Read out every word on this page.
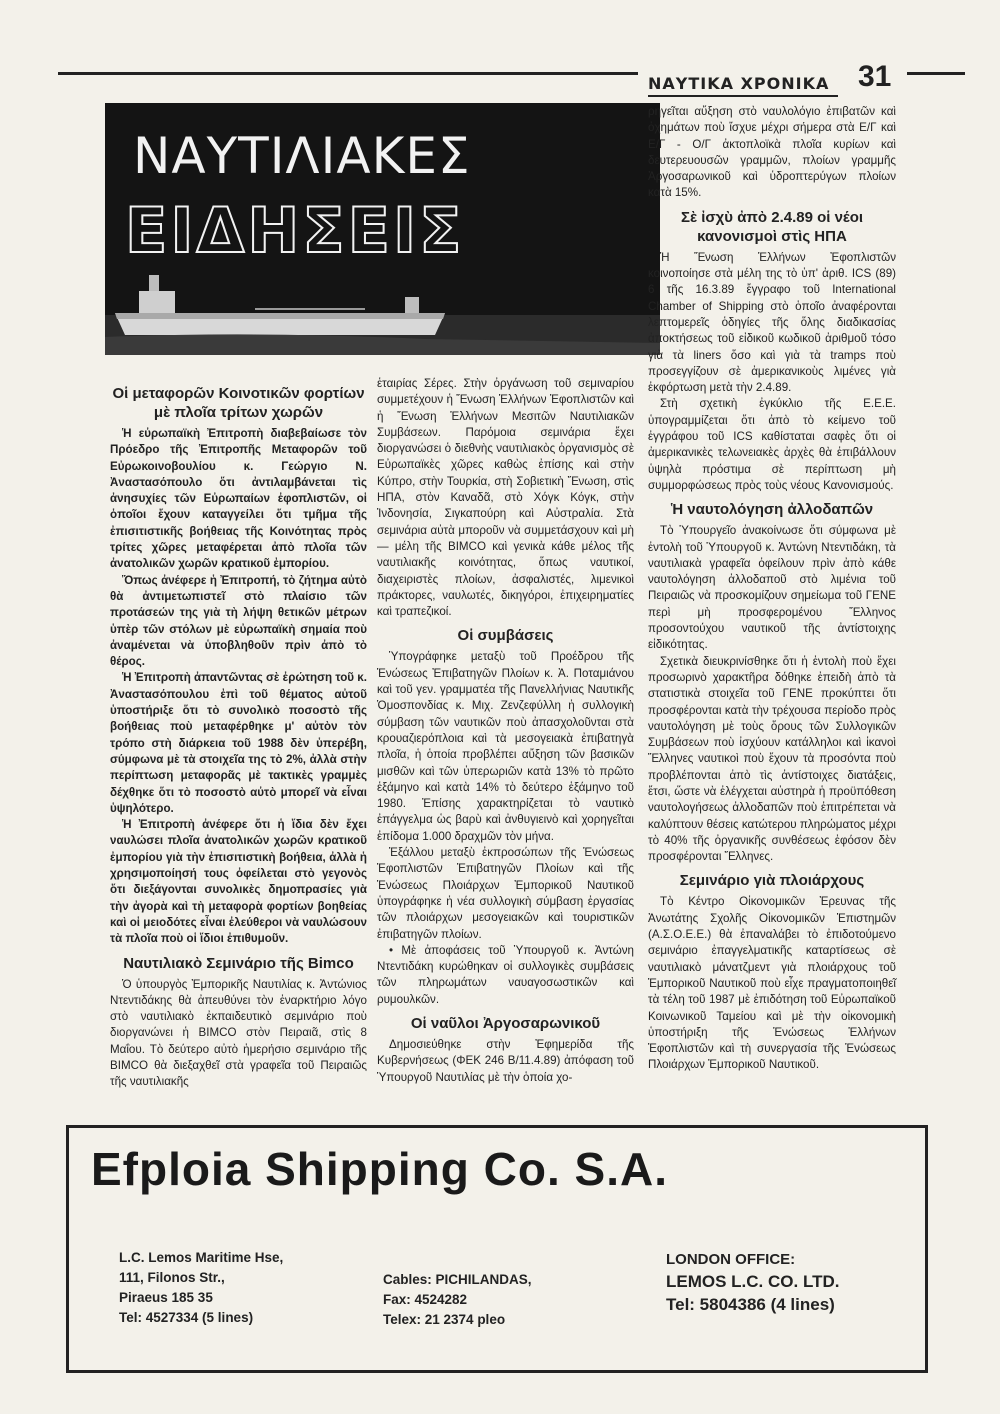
ΝΑΥΤΙΚΑ ΧΡΟΝΙΚΑ 31
ΝΑΥΤΙΛΙΑΚΕΣ
ΕΙΔΗΣΕΙΣ
Οἱ μεταφορῶν Κοινοτικῶν φορτίων μὲ πλοῖα τρίτων χωρῶν

Ἡ εὐρωπαϊκὴ Ἐπιτροπὴ διαβεβαίωσε τὸν Πρόεδρο τῆς Ἐπιτροπῆς Μεταφορῶν τοῦ Εὐρωκοινοβουλίου κ. Γεώργιο Ν. Ἀναστασόπουλο ὅτι ἀντιλαμβάνεται τὶς ἀνησυχίες τῶν Εὐρωπαίων ἐφοπλιστῶν, οἱ ὁποῖοι ἔχουν καταγγείλει ὅτι τμῆμα τῆς ἐπισιτιστικῆς βοήθειας τῆς Κοινότητας πρὸς τρίτες χῶρες μεταφέρεται ἀπὸ πλοῖα τῶν ἀνατολικῶν χωρῶν κρατικοῦ ἐμπορίου.

Ὅπως ἀνέφερε ἡ Ἐπιτροπή, τὸ ζήτημα αὐτὸ θὰ ἀντιμετωπιστεῖ στὸ πλαίσιο τῶν προτάσεών της γιὰ τὴ λήψη θετικῶν μέτρων ὑπὲρ τῶν στόλων μὲ εὐρωπαϊκὴ σημαία ποὺ ἀναμένεται νὰ ὑποβληθοῦν πρὶν ἀπὸ τὸ θέρος.

Ἡ Ἐπιτροπὴ ἀπαντῶντας σὲ ἐρώτηση τοῦ κ. Ἀναστασόπουλου ἐπὶ τοῦ θέματος αὐτοῦ ὑποστήριξε ὅτι τὸ συνολικὸ ποσοστὸ τῆς βοήθειας ποὺ μεταφέρθηκε μ' αὐτὸν τὸν τρόπο στὴ διάρκεια τοῦ 1988 δὲν ὑπερέβη, σύμφωνα μὲ τὰ στοιχεῖα της τὸ 2%, ἀλλὰ στὴν περίπτωση μεταφορᾶς μὲ τακτικὲς γραμμὲς δέχθηκε ὅτι τὸ ποσοστὸ αὐτὸ μπορεῖ νὰ εἶναι ὑψηλότερο.

Ἡ Ἐπιτροπὴ ἀνέφερε ὅτι ἡ ἴδια δὲν ἔχει ναυλώσει πλοῖα ἀνατολικῶν χωρῶν κρατικοῦ ἐμπορίου γιὰ τὴν ἐπισιτιστικὴ βοήθεια, ἀλλὰ ἡ χρησιμοποίησή τους ὀφείλεται στὸ γεγονὸς ὅτι διεξάγονται συνολικὲς δημοπρασίες γιὰ τὴν ἀγορὰ καὶ τὴ μεταφορὰ φορτίων βοηθείας καὶ οἱ μειοδότες εἶναι ἐλεύθεροι νὰ ναυλώσουν τὰ πλοῖα ποὺ οἱ ἴδιοι ἐπιθυμοῦν.

Ναυτιλιακὸ Σεμινάριο τῆς Bimco

Ὁ ὑπουργὸς Ἐμπορικῆς Ναυτιλίας κ. Ἀντώνιος Ντεντιδάκης θὰ ἀπευθύνει τὸν ἐναρκτήριο λόγο στὸ ναυτιλιακὸ ἐκπαιδευτικὸ σεμινάριο ποὺ διοργανώνει ἡ BIMCO στὸν Πειραιᾶ, στὶς 8 Μαΐου. Τὸ δεύτερο αὐτὸ ἡμερήσιο σεμινάριο τῆς BIMCO θὰ διεξαχθεῖ στὰ γραφεῖα τοῦ Πειραιῶς τῆς ναυτιλιακῆς

ἑταιρίας Σέρες. Στὴν ὀργάνωση τοῦ σεμιναρίου συμμετέχουν ἡ Ἕνωση Ἑλλήνων Ἐφοπλιστῶν καὶ ἡ Ἕνωση Ἑλλήνων Μεσιτῶν Ναυτιλιακῶν Συμβάσεων. Παρόμοια σεμινάρια ἔχει διοργανώσει ὁ διεθνὴς ναυτιλιακὸς ὀργανισμὸς σὲ Εὐρωπαϊκὲς χῶρες καθὼς ἐπίσης καὶ στὴν Κύπρο, στὴν Τουρκία, στὴ Σοβιετικὴ Ἕνωση, στὶς ΗΠΑ, στὸν Καναδᾶ, στὸ Χόγκ Κόγκ, στὴν Ἰνδονησία, Σιγκαπούρη καὶ Αὐστραλία. Στὰ σεμινάρια αὐτὰ μποροῦν νὰ συμμετάσχουν καὶ μὴ — μέλη τῆς BIMCO καὶ γενικὰ κάθε μέλος τῆς ναυτιλιακῆς κοινότητας, ὅπως ναυτικοί, διαχειριστὲς πλοίων, ἀσφαλιστές, λιμενικοὶ πράκτορες, ναυλωτές, δικηγόροι, ἐπιχειρηματίες καὶ τραπεζικοί.

Οἱ συμβάσεις

Ὑπογράφηκε μεταξὺ τοῦ Προέδρου τῆς Ἑνώσεως Ἐπιβατηγῶν Πλοίων κ. Ἀ. Ποταμιάνου καὶ τοῦ γεν. γραμματέα τῆς Πανελλήνιας Ναυτικῆς Ὁμοσπονδίας κ. Μιχ. Ζενζεφύλλη ἡ συλλογικὴ σύμβαση τῶν ναυτικῶν ποὺ ἀπασχολοῦνται στὰ κρουαζιερόπλοια καὶ τὰ μεσογειακὰ ἐπιβατηγὰ πλοῖα, ἡ ὁποία προβλέπει αὔξηση τῶν βασικῶν μισθῶν καὶ τῶν ὑπερωριῶν κατὰ 13% τὸ πρῶτο ἑξάμηνο καὶ κατὰ 14% τὸ δεύτερο ἑξάμηνο τοῦ 1980. Ἐπίσης χαρακτηρίζεται τὸ ναυτικὸ ἐπάγγελμα ὡς βαρὺ καὶ ἀνθυγιεινὸ καὶ χορηγεῖται ἐπίδομα 1.000 δραχμῶν τὸν μήνα.

Ἐξάλλου μεταξὺ ἐκπροσώπων τῆς Ἑνώσεως Ἐφοπλιστῶν Ἐπιβατηγῶν Πλοίων καὶ τῆς Ἑνώσεως Πλοιάρχων Ἐμπορικοῦ Ναυτικοῦ ὑπογράφηκε ἡ νέα συλλογικὴ σύμβαση ἐργασίας τῶν πλοιάρχων μεσογειακῶν καὶ τουριστικῶν ἐπιβατηγῶν πλοίων.

• Μὲ ἀποφάσεις τοῦ Ὑπουργοῦ κ. Ἀντώνη Ντεντιδάκη κυρώθηκαν οἱ συλλογικὲς συμβάσεις τῶν πληρωμάτων ναυαγοσωστικῶν καὶ ρυμουλκῶν.

Οἱ ναῦλοι Ἀργοσαρωνικοῦ

Δημοσιεύθηκε στὴν Ἐφημερίδα τῆς Κυβερνήσεως (ΦΕΚ 246 Β/11.4.89) ἀπόφαση τοῦ Ὑπουργοῦ Ναυτιλίας μὲ τὴν ὁποία χο-

ρηγεῖται αὔξηση στὸ ναυλολόγιο ἐπιβατῶν καὶ ὀχημάτων ποὺ ἴσχυε μέχρι σήμερα στὰ Ε/Γ καὶ Ε/Γ - Ο/Γ ἀκτοπλοϊκὰ πλοῖα κυρίων καὶ δευτερευουσῶν γραμμῶν, πλοίων γραμμῆς Ἀργοσαρωνικοῦ καὶ ὑδροπτερύγων πλοίων κατὰ 15%.

Σὲ ἰσχὺ ἀπὸ 2.4.89 οἱ νέοι κανονισμοὶ στὶς ΗΠΑ

Ἡ Ἕνωση Ἑλλήνων Ἐφοπλιστῶν κοινοποίησε στὰ μέλη της τὸ ὑπ' ἀριθ. ICS (89) 6 τῆς 16.3.89 ἔγγραφο τοῦ International Chamber of Shipping στὸ ὁποῖο ἀναφέρονται λεπτομερεῖς ὁδηγίες τῆς ὅλης διαδικασίας ἀποκτήσεως τοῦ εἰδικοῦ κωδικοῦ ἀριθμοῦ τόσο γιὰ τὰ liners ὅσο καὶ γιὰ τὰ tramps ποὺ προσεγγίζουν σὲ ἀμερικανικοὺς λιμένες γιὰ ἐκφόρτωση μετὰ τὴν 2.4.89.

Στὴ σχετικὴ ἐγκύκλιο τῆς Ε.Ε.Ε. ὑπογραμμίζεται ὅτι ἀπὸ τὸ κείμενο τοῦ ἐγγράφου τοῦ ICS καθίσταται σαφὲς ὅτι οἱ ἀμερικανικὲς τελωνειακὲς ἀρχὲς θὰ ἐπιβάλλουν ὑψηλὰ πρόστιμα σὲ περίπτωση μὴ συμμορφώσεως πρὸς τοὺς νέους Κανονισμούς.

Ἡ ναυτολόγηση ἀλλοδαπῶν

Τὸ Ὑπουργεῖο ἀνακοίνωσε ὅτι σύμφωνα μὲ ἐντολὴ τοῦ Ὑπουργοῦ κ. Ἀντώνη Ντεντιδάκη, τὰ ναυτιλιακὰ γραφεῖα ὀφείλουν πρὶν ἀπὸ κάθε ναυτολόγηση ἀλλοδαποῦ στὸ λιμένια τοῦ Πειραιῶς νὰ προσκομίζουν σημείωμα τοῦ ΓΕΝΕ περὶ μὴ προσφερομένου Ἕλληνος προσοντούχου ναυτικοῦ τῆς ἀντίστοιχης εἰδικότητας.

Σχετικὰ διευκρινίσθηκε ὅτι ἡ ἐντολὴ ποὺ ἔχει προσωρινὸ χαρακτῆρα δόθηκε ἐπειδὴ ἀπὸ τὰ στατιστικὰ στοιχεῖα τοῦ ΓΕΝΕ προκύπτει ὅτι προσφέρονται κατὰ τὴν τρέχουσα περίοδο πρὸς ναυτολόγηση μὲ τοὺς ὅρους τῶν Συλλογικῶν Συμβάσεων ποὺ ἰσχύουν κατάλληλοι καὶ ἱκανοὶ Ἕλληνες ναυτικοὶ ποὺ ἔχουν τὰ προσόντα ποὺ προβλέπονται ἀπὸ τὶς ἀντίστοιχες διατάξεις, ἔτσι, ὥστε νὰ ἐλέγχεται αὐστηρὰ ἡ προϋπόθεση ναυτολογήσεως ἀλλοδαπῶν ποὺ ἐπιτρέπεται νὰ καλύπτουν θέσεις κατώτερου πληρώματος μέχρι τὸ 40% τῆς ὀργανικῆς συνθέσεως ἐφόσον δὲν προσφέρονται Ἕλληνες.

Σεμινάριο γιὰ πλοιάρχους

Τὸ Κέντρο Οἰκονομικῶν Ἐρευνας τῆς Ἀνωτάτης Σχολῆς Οἰκονομικῶν Ἐπιστημῶν (Α.Σ.Ο.Ε.Ε.) θὰ ἐπαναλάβει τὸ ἐπιδοτούμενο σεμινάριο ἐπαγγελματικῆς καταρτίσεως σὲ ναυτιλιακὸ μάνατζμεντ γιὰ πλοιάρχους τοῦ Ἐμπορικοῦ Ναυτικοῦ ποὺ εἶχε πραγματοποιηθεῖ τὰ τέλη τοῦ 1987 μὲ ἐπιδότηση τοῦ Εὐρωπαϊκοῦ Κοινωνικοῦ Ταμείου καὶ μὲ τὴν οἰκονομικὴ ὑποστήριξη τῆς Ἑνώσεως Ἑλλήνων Ἐφοπλιστῶν καὶ τὴ συνεργασία τῆς Ἑνώσεως Πλοιάρχων Ἐμπορικοῦ Ναυτικοῦ.

Efploia Shipping Co. S.A.
L.C. Lemos Maritime Hse,
111, Filonos Str.,
Piraeus 185 35
Tel: 4527334 (5 lines)
Cables: PICHILANDAS,
Fax: 4524282
Telex: 21 2374 pleo
LONDON OFFICE:
LEMOS L.C. CO. LTD.
Tel: 5804386 (4 lines)
